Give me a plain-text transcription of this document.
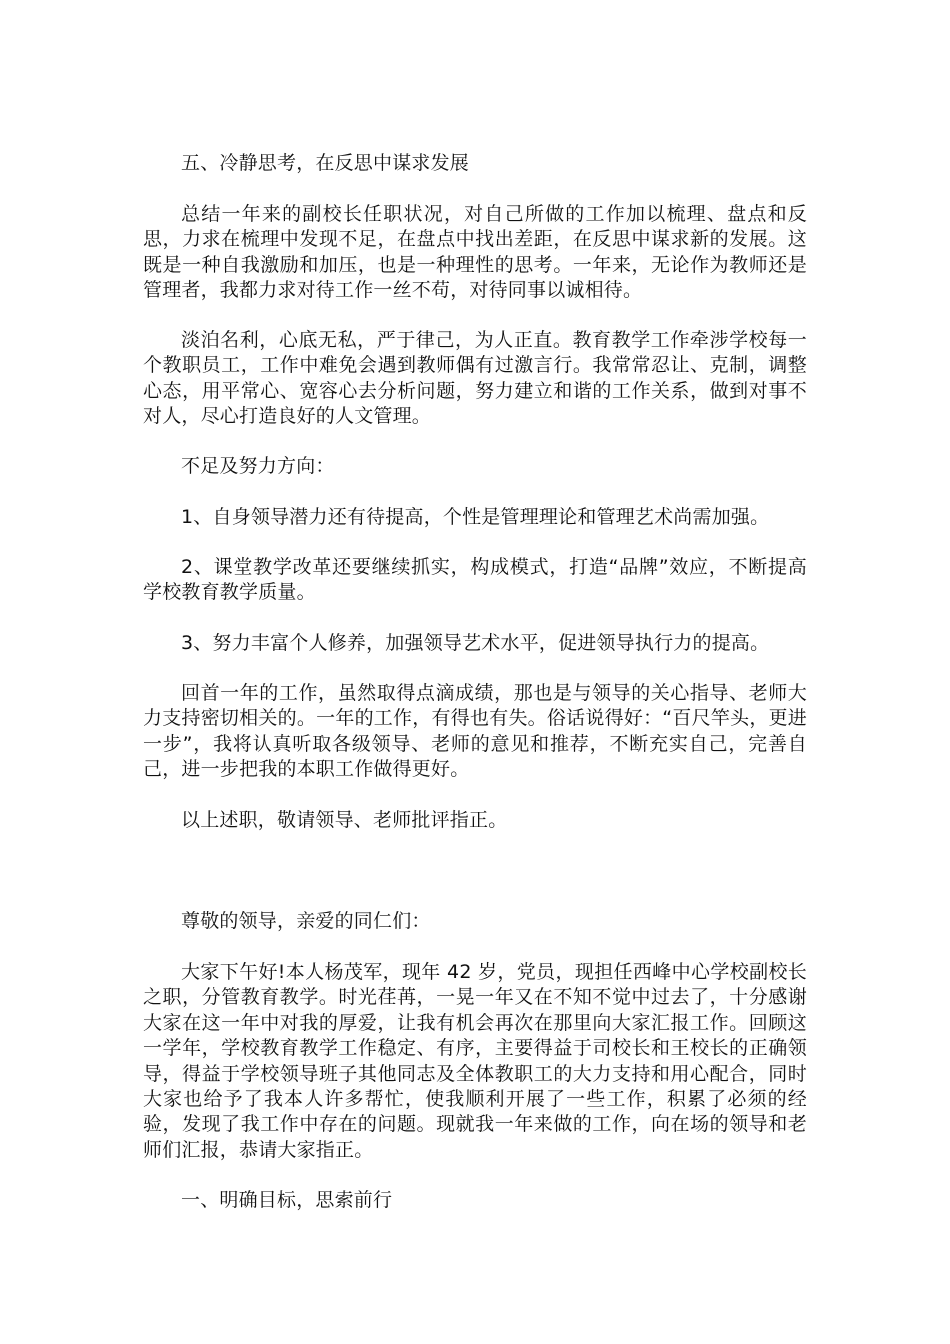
五、冷静思考，在反思中谋求发展

总结一年来的副校长任职状况，对自己所做的工作加以梳理、盘点和反思，力求在梳理中发现不足，在盘点中找出差距，在反思中谋求新的发展。这既是一种自我激励和加压，也是一种理性的思考。一年来，无论作为教师还是管理者，我都力求对待工作一丝不苟，对待同事以诚相待。

淡泊名利，心底无私，严于律己，为人正直。教育教学工作牵涉学校每一个教职员工，工作中难免会遇到教师偶有过激言行。我常常忍让、克制，调整心态，用平常心、宽容心去分析问题，努力建立和谐的工作关系，做到对事不对人，尽心打造良好的人文管理。

不足及努力方向：

1、自身领导潜力还有待提高，个性是管理理论和管理艺术尚需加强。

2、课堂教学改革还要继续抓实，构成模式，打造“品牌”效应，不断提高学校教育教学质量。

3、努力丰富个人修养，加强领导艺术水平，促进领导执行力的提高。

回首一年的工作，虽然取得点滴成绩，那也是与领导的关心指导、老师大力支持密切相关的。一年的工作，有得也有失。俗话说得好：“百尺竿头，更进一步”，我将认真听取各级领导、老师的意见和推荐，不断充实自己，完善自己，进一步把我的本职工作做得更好。

以上述职，敬请领导、老师批评指正。

尊敬的领导，亲爱的同仁们：

大家下午好!本人杨茂军，现年 42 岁，党员，现担任西峰中心学校副校长之职，分管教育教学。时光荏苒，一晃一年又在不知不觉中过去了，十分感谢大家在这一年中对我的厚爱，让我有机会再次在那里向大家汇报工作。回顾这一学年，学校教育教学工作稳定、有序，主要得益于司校长和王校长的正确领导，得益于学校领导班子其他同志及全体教职工的大力支持和用心配合，同时大家也给予了我本人许多帮忙，使我顺利开展了一些工作，积累了必须的经验，发现了我工作中存在的问题。现就我一年来做的工作，向在场的领导和老师们汇报，恭请大家指正。

一、明确目标，思索前行
